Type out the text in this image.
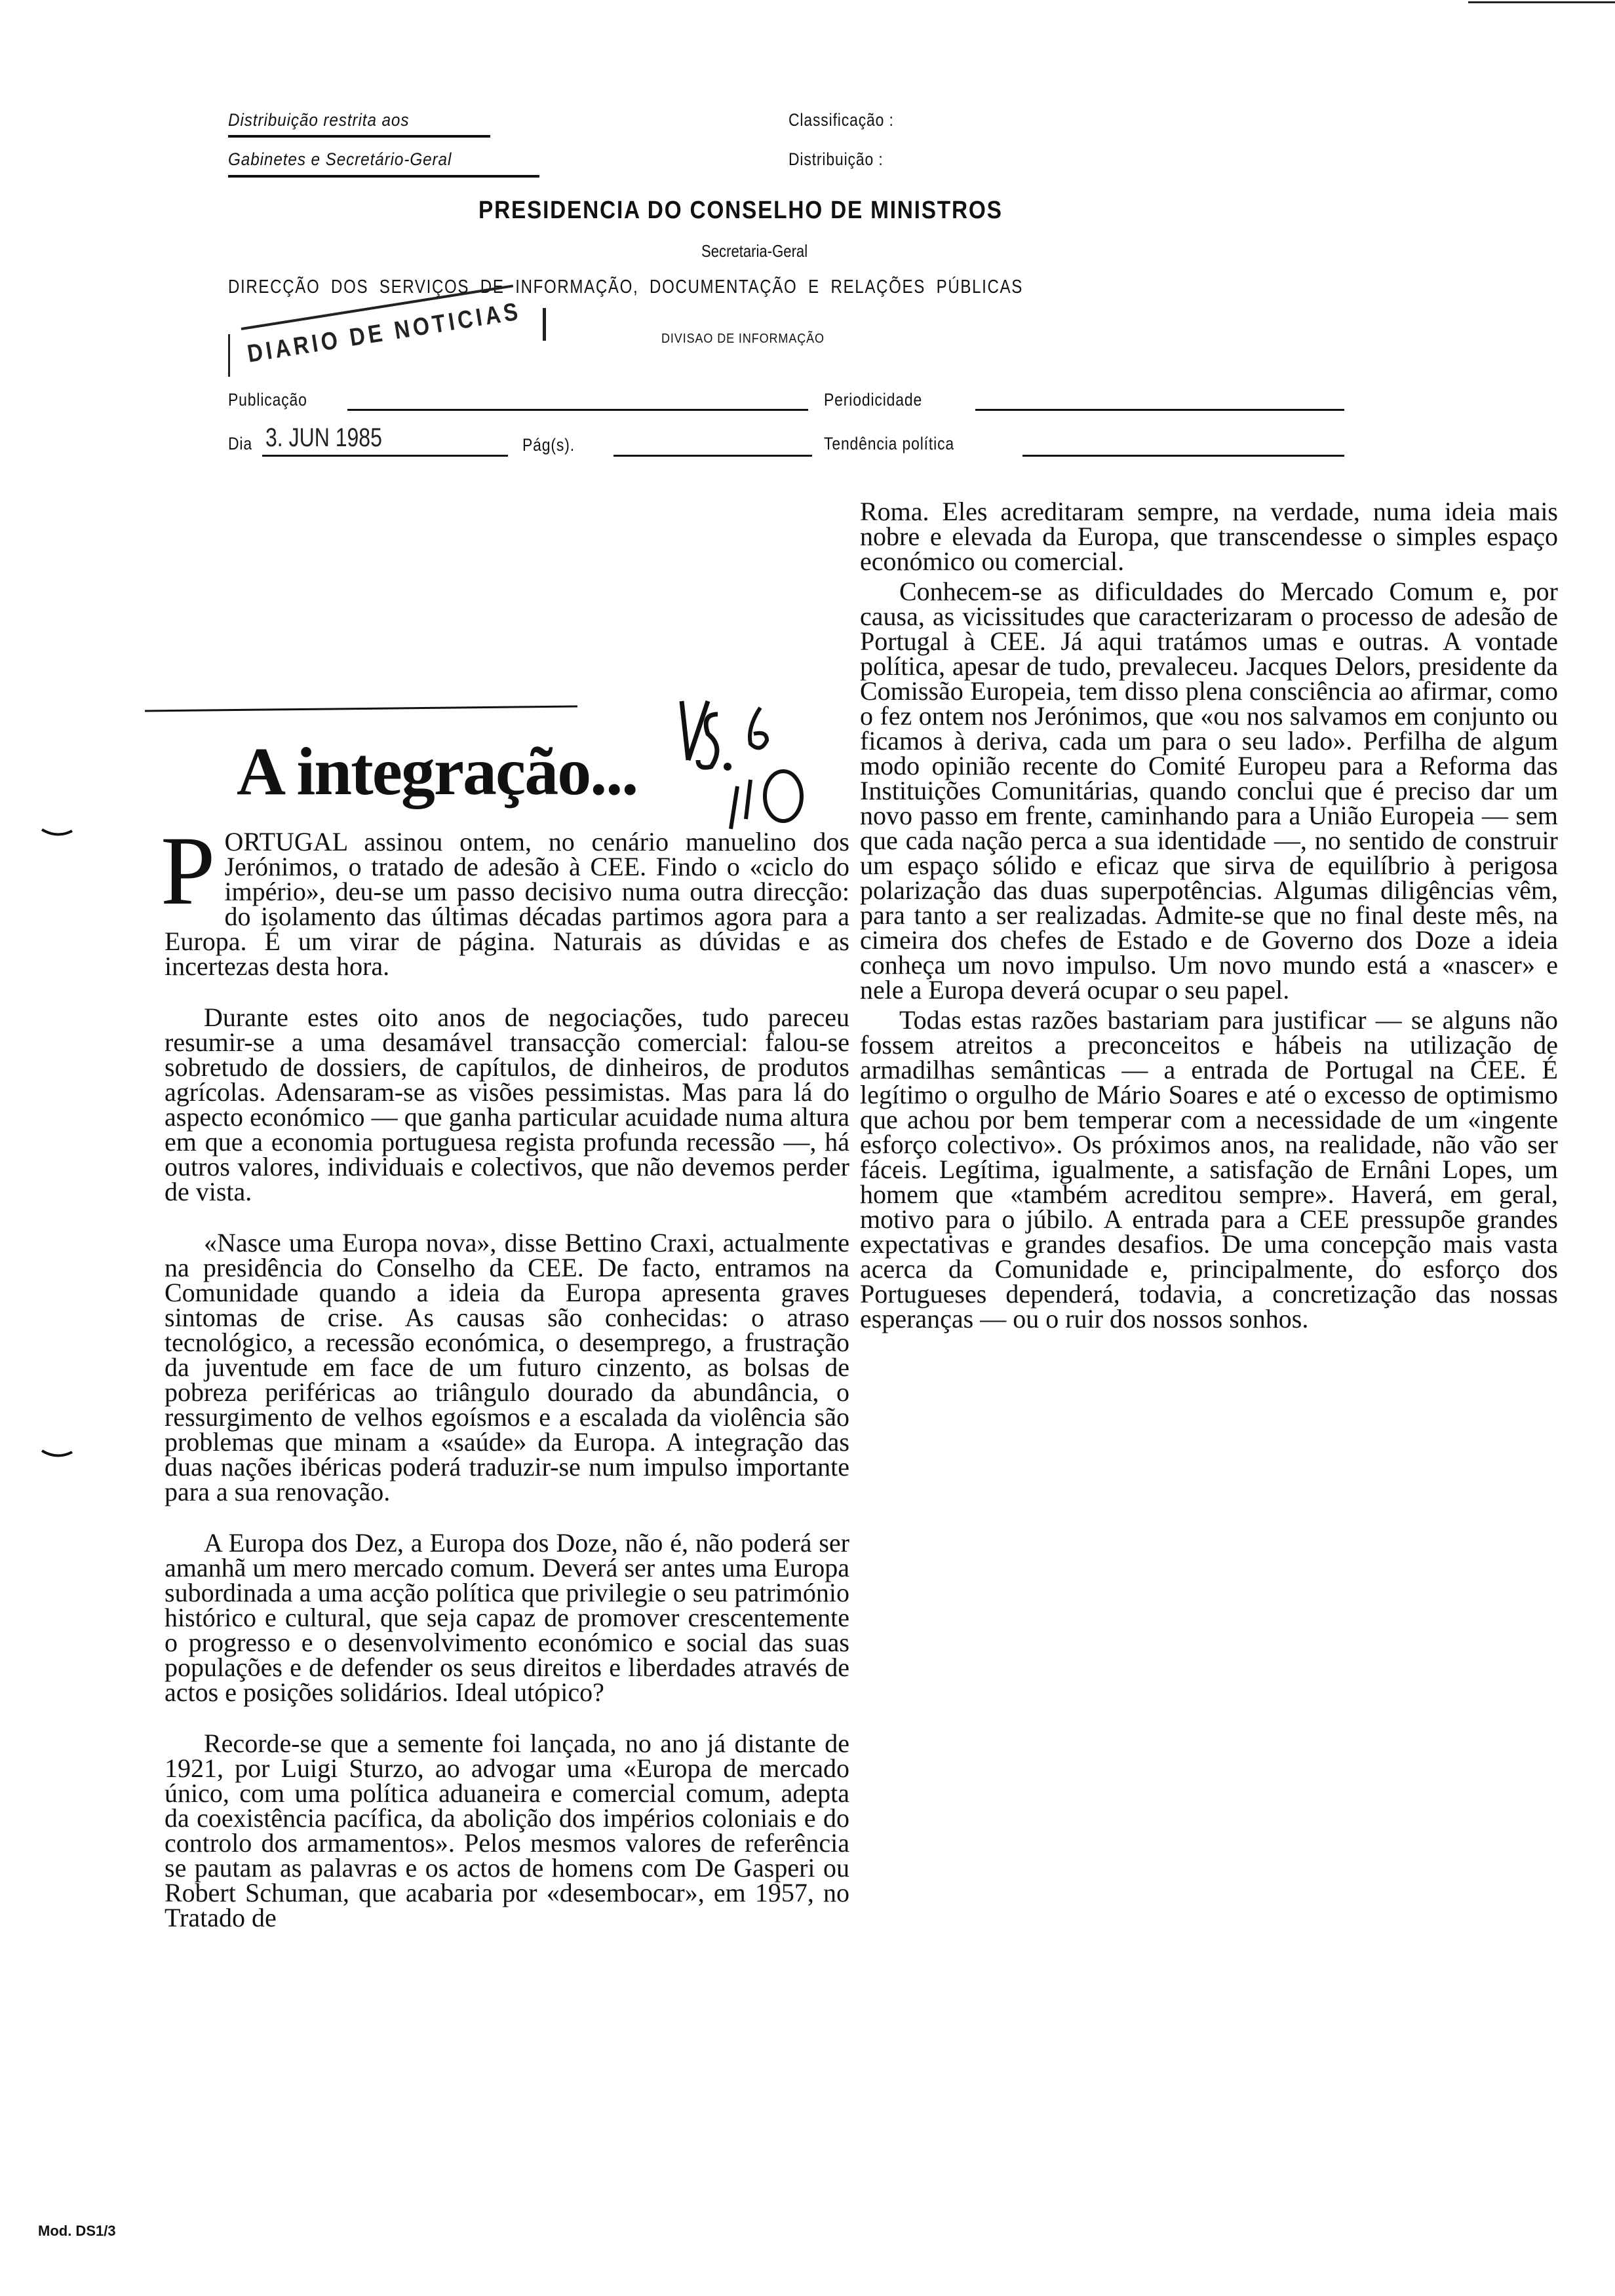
Distribuição restrita aos
Gabinetes e Secretário-Geral
Classificação :
Distribuição :
PRESIDENCIA DO CONSELHO DE MINISTROS
Secretaria-Geral
DIRECÇÃO  DOS  SERVIÇOS  DE  INFORMAÇÃO,  DOCUMENTAÇÃO  E  RELAÇÕES  PÚBLICAS
DIARIO DE NOTICIAS	DIVISAO DE INFORMAÇÃO
Publicação	Periodicidade
Dia 3. JUN 1985	Pág(s).	Tendência política
A integração...

PORTUGAL assinou ontem, no cenário manuelino dos Jerónimos, o tratado de adesão à CEE. Findo o «ciclo do império», deu-se um passo decisivo numa outra direcção: do isolamento das últimas décadas partimos agora para a Europa. É um virar de página. Naturais as dúvidas e as incertezas desta hora.

Durante estes oito anos de negociações, tudo pareceu resumir-se a uma desamável transacção comercial: falou-se sobretudo de dossiers, de capítulos, de dinheiros, de produtos agrícolas. Adensaram-se as visões pessimistas. Mas para lá do aspecto económico — que ganha particular acuidade numa altura em que a economia portuguesa regista profunda recessão —, há outros valores, individuais e colectivos, que não devemos perder de vista.

«Nasce uma Europa nova», disse Bettino Craxi, actualmente na presidência do Conselho da CEE. De facto, entramos na Comunidade quando a ideia da Europa apresenta graves sintomas de crise. As causas são conhecidas: o atraso tecnológico, a recessão económica, o desemprego, a frustração da juventude em face de um futuro cinzento, as bolsas de pobreza periféricas ao triângulo dourado da abundância, o ressurgimento de velhos egoísmos e a escalada da violência são problemas que minam a «saúde» da Europa. A integração das duas nações ibéricas poderá traduzir-se num impulso importante para a sua renovação.

A Europa dos Dez, a Europa dos Doze, não é, não poderá ser amanhã um mero mercado comum. Deverá ser antes uma Europa subordinada a uma acção política que privilegie o seu património histórico e cultural, que seja capaz de promover crescentemente o progresso e o desenvolvimento económico e social das suas populações e de defender os seus direitos e liberdades através de actos e posições solidários. Ideal utópico?

Recorde-se que a semente foi lançada, no ano já distante de 1921, por Luigi Sturzo, ao advogar uma «Europa de mercado único, com uma política aduaneira e comercial comum, adepta da coexistência pacífica, da abolição dos impérios coloniais e do controlo dos armamentos». Pelos mesmos valores de referência se pautam as palavras e os actos de homens com De Gasperi ou Robert Schuman, que acabaria por «desembocar», em 1957, no Tratado de

Roma. Eles acreditaram sempre, na verdade, numa ideia mais nobre e elevada da Europa, que transcendesse o simples espaço económico ou comercial.

Conhecem-se as dificuldades do Mercado Comum e, por causa, as vicissitudes que caracterizaram o processo de adesão de Portugal à CEE. Já aqui tratámos umas e outras. A vontade política, apesar de tudo, prevaleceu. Jacques Delors, presidente da Comissão Europeia, tem disso plena consciência ao afirmar, como o fez ontem nos Jerónimos, que «ou nos salvamos em conjunto ou ficamos à deriva, cada um para o seu lado». Perfilha de algum modo opinião recente do Comité Europeu para a Reforma das Instituições Comunitárias, quando conclui que é preciso dar um novo passo em frente, caminhando para a União Europeia — sem que cada nação perca a sua identidade —, no sentido de construir um espaço sólido e eficaz que sirva de equilíbrio à perigosa polarização das duas superpotências. Algumas diligências vêm, para tanto a ser realizadas. Admite-se que no final deste mês, na cimeira dos chefes de Estado e de Governo dos Doze a ideia conheça um novo impulso. Um novo mundo está a «nascer» e nele a Europa deverá ocupar o seu papel.

Todas estas razões bastariam para justificar — se alguns não fossem atreitos a preconceitos e hábeis na utilização de armadilhas semânticas — a entrada de Portugal na CEE. É legítimo o orgulho de Mário Soares e até o excesso de optimismo que achou por bem temperar com a necessidade de um «ingente esforço colectivo». Os próximos anos, na realidade, não vão ser fáceis. Legítima, igualmente, a satisfação de Ernâni Lopes, um homem que «também acreditou sempre». Haverá, em geral, motivo para o júbilo. A entrada para a CEE pressupõe grandes expectativas e grandes desafios. De uma concepção mais vasta acerca da Comunidade e, principalmente, do esforço dos Portugueses dependerá, todavia, a concretização das nossas esperanças — ou o ruir dos nossos sonhos.

Mod. DS1/3
